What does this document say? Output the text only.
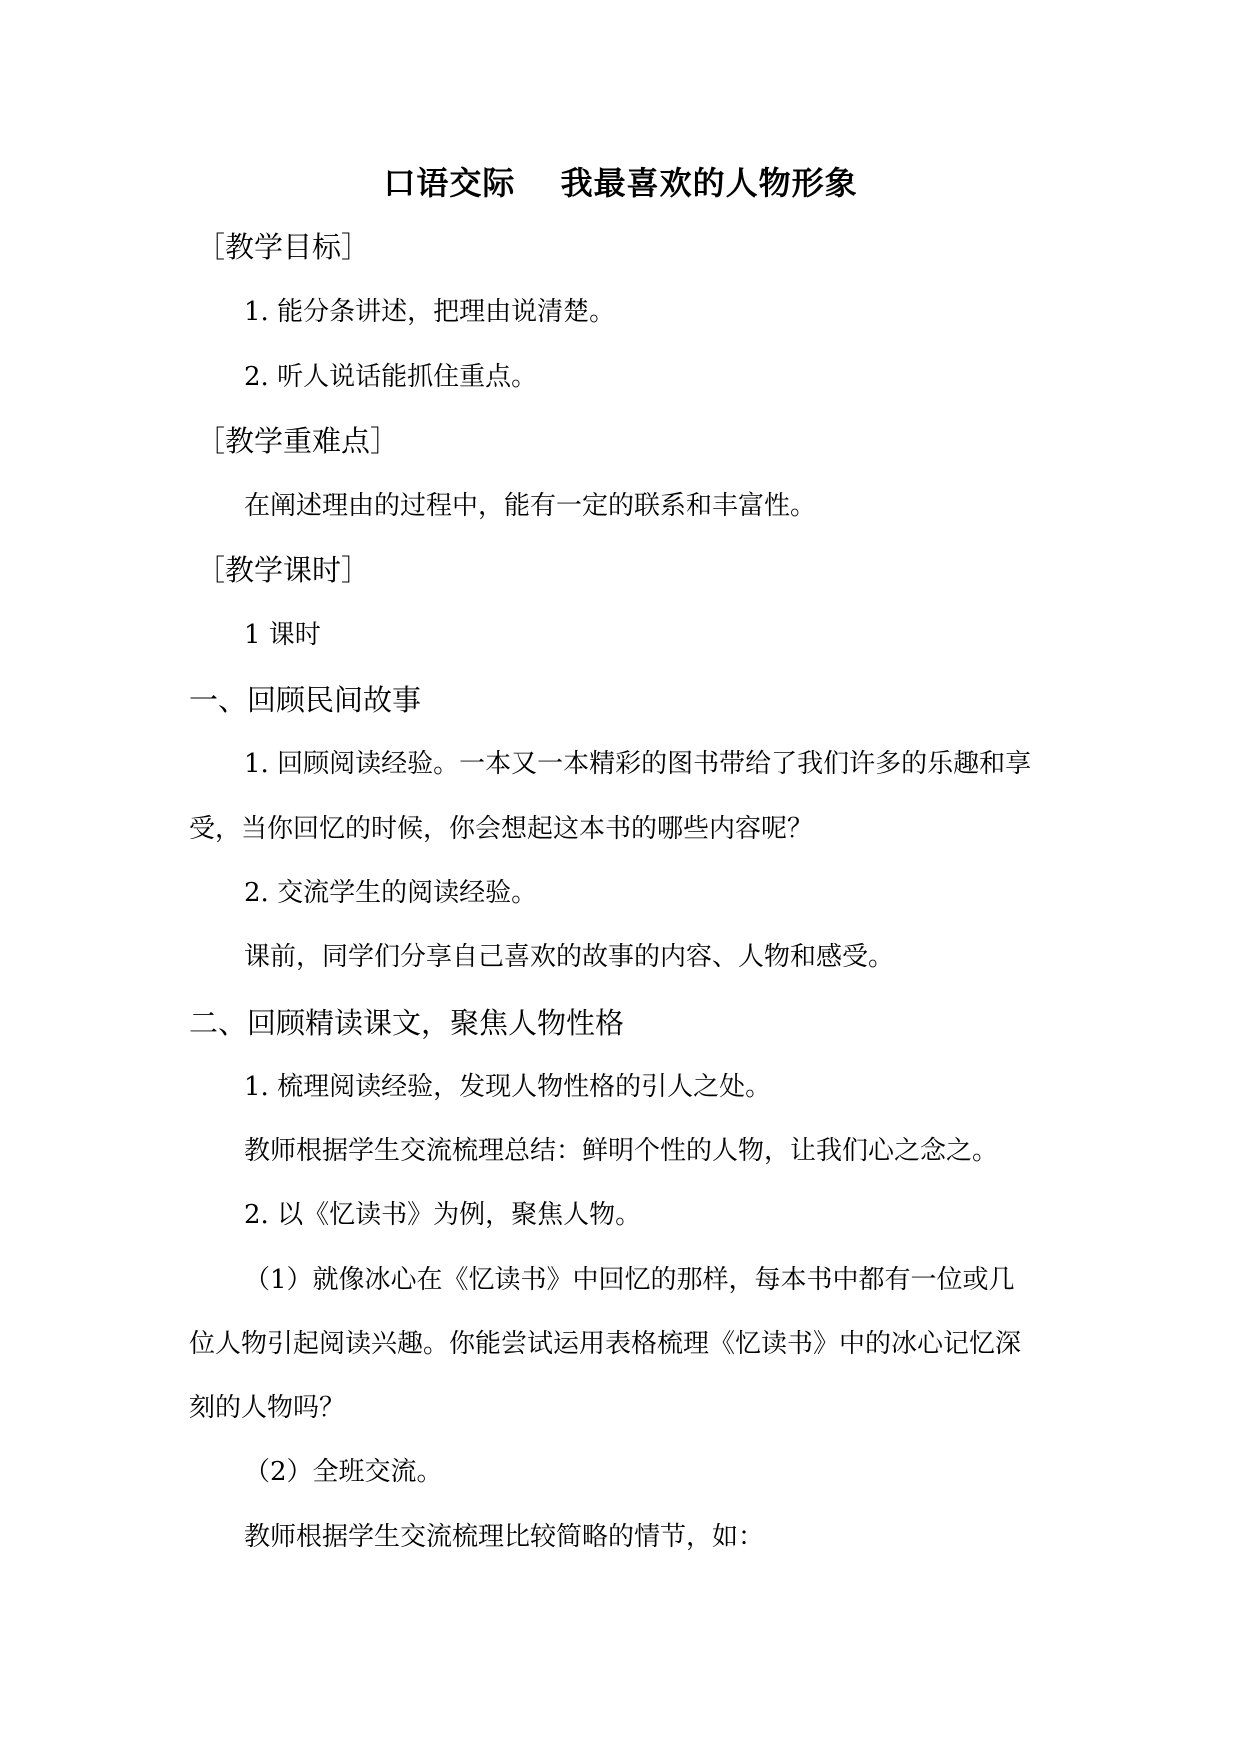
口语交际　 我最喜欢的人物形象
［教学目标］
1. 能分条讲述，把理由说清楚。
2. 听人说话能抓住重点。
［教学重难点］
在阐述理由的过程中，能有一定的联系和丰富性。
［教学课时］
1 课时
一、回顾民间故事
1. 回顾阅读经验。一本又一本精彩的图书带给了我们许多的乐趣和享
受，当你回忆的时候，你会想起这本书的哪些内容呢？
2. 交流学生的阅读经验。
课前，同学们分享自己喜欢的故事的内容、人物和感受。
二、回顾精读课文，聚焦人物性格
1. 梳理阅读经验，发现人物性格的引人之处。
教师根据学生交流梳理总结：鲜明个性的人物，让我们心之念之。
2. 以《忆读书》为例，聚焦人物。
（1）就像冰心在《忆读书》中回忆的那样，每本书中都有一位或几
位人物引起阅读兴趣。你能尝试运用表格梳理《忆读书》中的冰心记忆深
刻的人物吗？
（2）全班交流。
教师根据学生交流梳理比较简略的情节，如：
